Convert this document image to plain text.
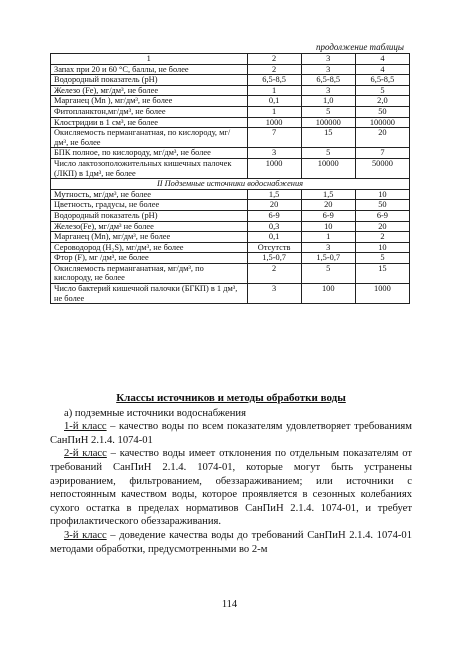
продолжение таблицы
1	2	3	4
Запах при 20 и 60 °С, баллы, не более	2	3	4
Водородный показатель (рН)	6,5-8,5	6,5-8,5	6,5-8,5
Железо (Fe), мг/дм³, не более	1	3	5
Марганец (Mn ), мг/дм³, не более	0,1	1,0	2,0
Фитопланктон,мг/дм³, не более	1	5	50
Клостридии в 1 см³, не более	1000	100000	100000
Окисляемость перманганатная, по кислороду, мг/дм³, не более	7	15	20
БПК полное, по кислороду, мг/дм³, не более	3	5	7
Число лактозоположительных кишечных палочек (ЛКП) в 1дм³, не более	1000	10000	50000
II Подземные источники водоснабжения			
Мутность, мг/дм³, не более	1,5	1,5	10
Цветность, градусы, не более	20	20	50
Водородный показатель (рН)	6-9	6-9	6-9
Железо(Fe), мг/дм³ не более	0,3	10	20
Марганец (Mn), мг/дм³, не более	0,1	1	2
Сероводород (H₂S), мг/дм³, не более	Отсутств	3	10
Фтор (F), мг /дм³, не более	1,5-0,7	1,5-0,7	5
Окисляемость перманганатная, мг/дм³, по кислороду, не более	2	5	15
Число бактерий кишечной палочки (БГКП) в 1 дм³, не более	3	100	1000
Классы источников и методы обработки воды

а) подземные источники водоснабжения

1-й класс – качество воды по всем показателям удовлетворяет требованиям СанПиН 2.1.4. 1074-01

2-й класс – качество воды имеет отклонения по отдельным показателям от требований СанПиН 2.1.4. 1074-01, которые могут быть устранены аэрированием, фильтрованием, обеззараживанием; или источники с непостоянным качеством воды, которое проявляется в сезонных колебаниях сухого остатка в пределах нормативов СанПиН 2.1.4. 1074-01, и требует профилактического обеззараживания.

3-й класс – доведение качества воды до требований СанПиН 2.1.4. 1074-01 методами обработки, предусмотренными во 2-м

114
